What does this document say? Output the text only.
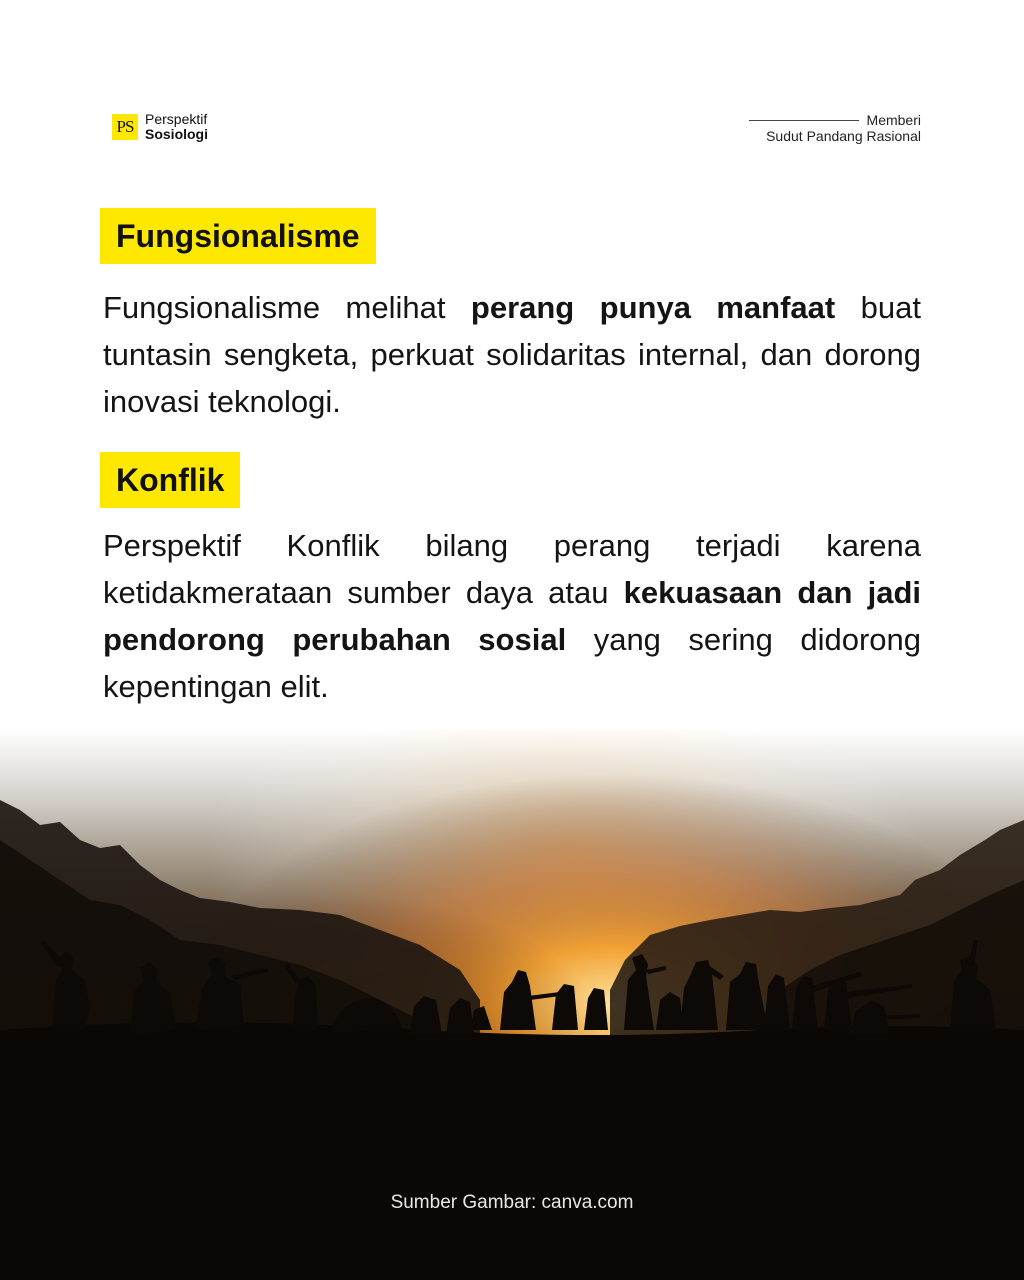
PS Perspektif
Sosiologi
Memberi
Sudut Pandang Rasional
Fungsionalisme

Fungsionalisme melihat perang punya manfaat buat tuntasin sengketa, perkuat solidaritas internal, dan dorong inovasi teknologi.

Konflik

Perspektif Konflik bilang perang terjadi karena ketidakmerataan sumber daya atau kekuasaan dan jadi pendorong perubahan sosial yang sering didorong kepentingan elit.

Sumber Gambar: canva.com
